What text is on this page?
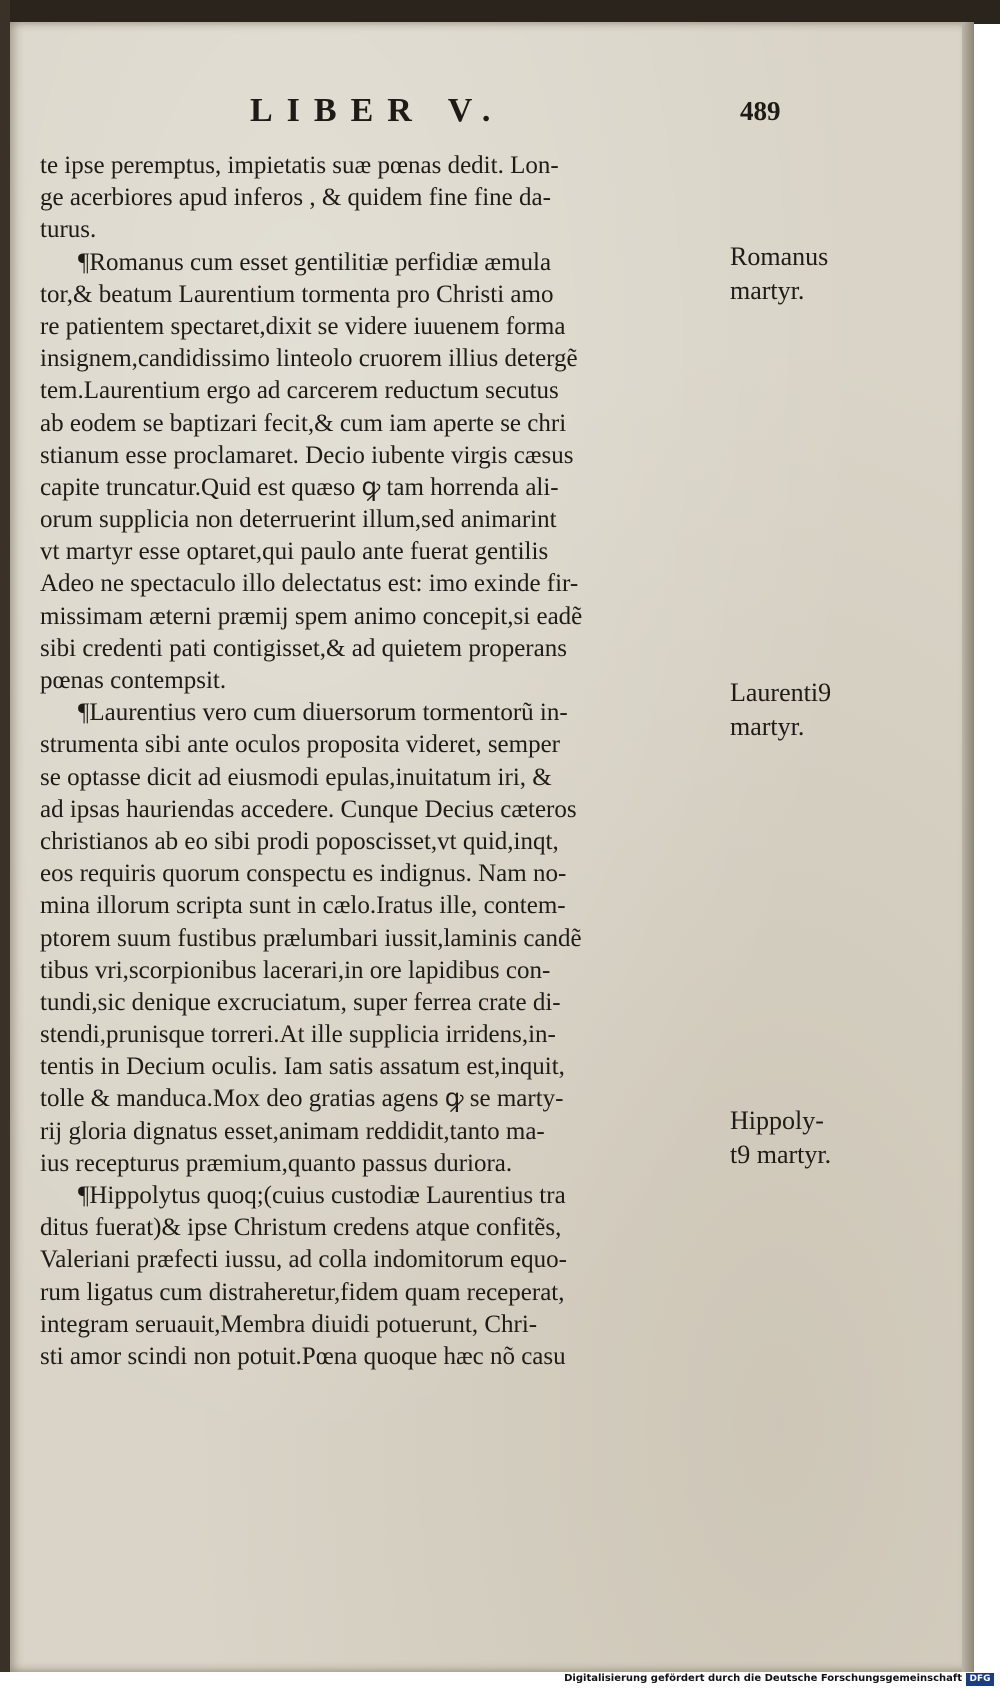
LIBER V.	489
te ipse peremptus, impietatis suæ pœnas dedit. Lon-
ge acerbiores apud inferos , & quidem fine fine da-
turus.
¶Romanus cum esset gentilitiæ perfidiæ æmula
tor,& beatum Laurentium tormenta pro Christi amo
re patientem spectaret,dixit se videre iuuenem forma
insignem,candidissimo linteolo cruorem illius detergẽ
tem.Laurentium ergo ad carcerem reductum secutus
ab eodem se baptizari fecit,& cum iam aperte se chri
stianum esse proclamaret. Decio iubente virgis cæsus
capite truncatur.Quid est quæso ꝙ tam horrenda ali-
orum supplicia non deterruerint illum,sed animarint
vt martyr esse optaret,qui paulo ante fuerat gentilis
Adeo ne spectaculo illo delectatus est: imo exinde fir-
missimam æterni præmij spem animo concepit,si eadẽ
sibi credenti pati contigisset,& ad quietem properans
pœnas contempsit.
¶Laurentius vero cum diuersorum tormentorũ in-
strumenta sibi ante oculos proposita videret, semper
se optasse dicit ad eiusmodi epulas,inuitatum iri, &
ad ipsas hauriendas accedere. Cunque Decius cæteros
christianos ab eo sibi prodi poposcisset,vt quid,inqt,
eos requiris quorum conspectu es indignus. Nam no-
mina illorum scripta sunt in cælo.Iratus ille, contem-
ptorem suum fustibus prælumbari iussit,laminis candẽ
tibus vri,scorpionibus lacerari,in ore lapidibus con-
tundi,sic denique excruciatum, super ferrea crate di-
stendi,prunisque torreri.At ille supplicia irridens,in-
tentis in Decium oculis. Iam satis assatum est,inquit,
tolle & manduca.Mox deo gratias agens ꝙ se marty-
rij gloria dignatus esset,animam reddidit,tanto ma-
ius recepturus præmium,quanto passus duriora.
¶Hippolytus quoq;(cuius custodiæ Laurentius tra
ditus fuerat)& ipse Christum credens atque confitẽs,
Valeriani præfecti iussu, ad colla indomitorum equo-
rum ligatus cum distraheretur,fidem quam receperat,
integram seruauit,Membra diuidi potuerunt, Chri-
sti amor scindi non potuit.Pœna quoque hæc nõ casu
Romanus
martyr.
Laurenti9
martyr.
Hippoly-
t9 martyr.
Digitalisierung gefördert durch die Deutsche Forschungsgemeinschaft DFG
